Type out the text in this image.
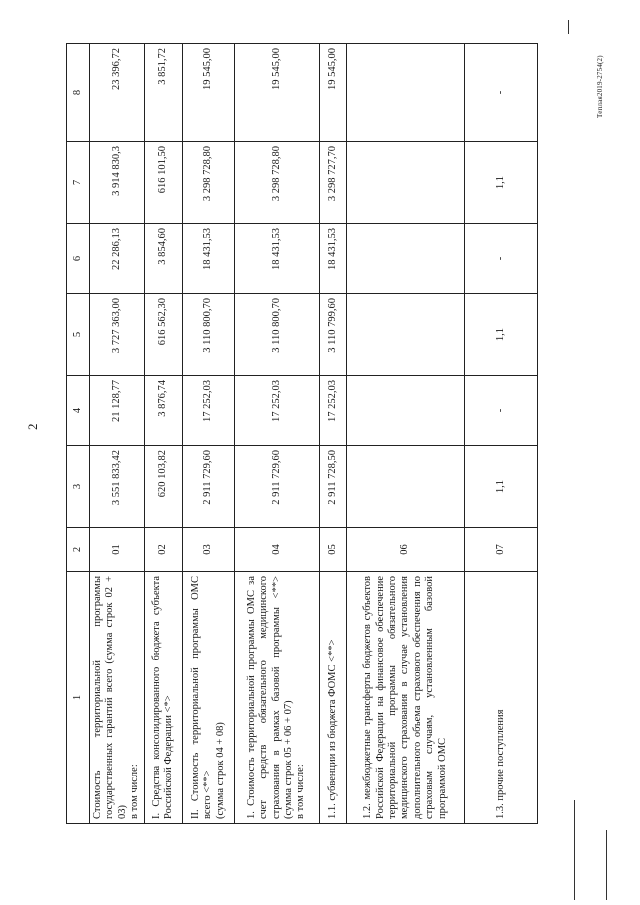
2
Теплая2019-2754(2)
1	2	3	4	5	6	7	8
Стоимость территориальной программы государственных гарантий всего (сумма строк 02 + 03) в том числе:	01	3 551 833,42	21 128,77	3 727 363,00	22 286,13	3 914 830,3	23 396,72
I. Средства консолидированного бюджета субъекта Российской Федерации <*>	02	620 103,82	3 876,74	616 562,30	3 854,60	616 101,50	3 851,72
II. Стоимость территориальной программы ОМС всего <**> (сумма строк 04 + 08)	03	2 911 729,60	17 252,03	3 110 800,70	18 431,53	3 298 728,80	19 545,00
1. Стоимость территориальной программы ОМС за счет средств обязательного медицинского страхования в рамках базовой программы <**> (сумма строк 05 + 06 + 07) в том числе:	04	2 911 729,60	17 252,03	3 110 800,70	18 431,53	3 298 728,80	19 545,00
1.1. субвенции из бюджета ФОМС <**>	05	2 911 728,50	17 252,03	3 110 799,60	18 431,53	3 298 727,70	19 545,00
1.2. межбюджетные трансферты бюджетов субъектов Российской Федерации на финансовое обеспечение территориальной программы обязательного медицинского страхования в случае установления дополнительного объема страхового обеспечения по страховым случаям, установленным базовой программой ОМС	06						
1.3. прочие поступления	07	1,1	-	1,1	-	1,1	-
